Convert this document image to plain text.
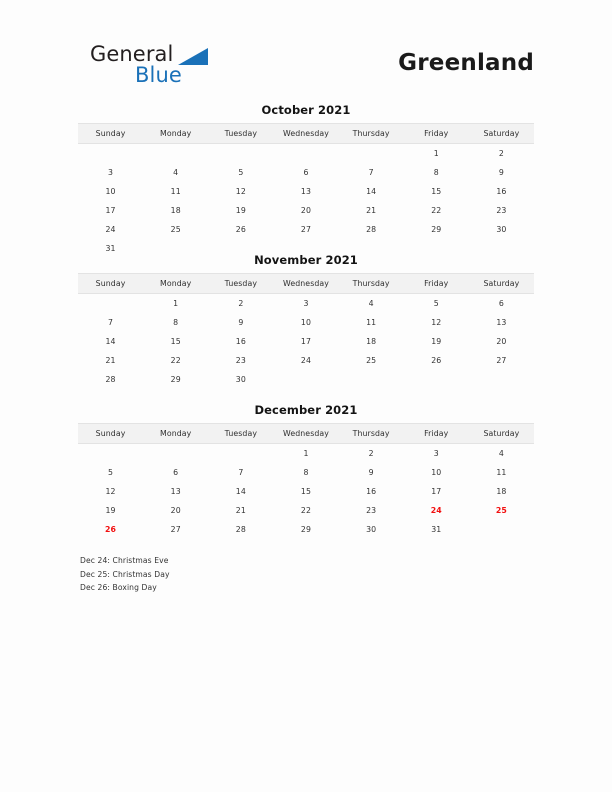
General
Blue	Greenland
October 2021
Sunday	Monday	Tuesday	Wednesday	Thursday	Friday	Saturday
					1	2
3	4	5	6	7	8	9
10	11	12	13	14	15	16
17	18	19	20	21	22	23
24	25	26	27	28	29	30
31						
November 2021
Sunday	Monday	Tuesday	Wednesday	Thursday	Friday	Saturday
	1	2	3	4	5	6
7	8	9	10	11	12	13
14	15	16	17	18	19	20
21	22	23	24	25	26	27
28	29	30				
December 2021
Sunday	Monday	Tuesday	Wednesday	Thursday	Friday	Saturday
			1	2	3	4
5	6	7	8	9	10	11
12	13	14	15	16	17	18
19	20	21	22	23	24	25
26	27	28	29	30	31	
Dec 24: Christmas Eve
Dec 25: Christmas Day
Dec 26: Boxing Day
